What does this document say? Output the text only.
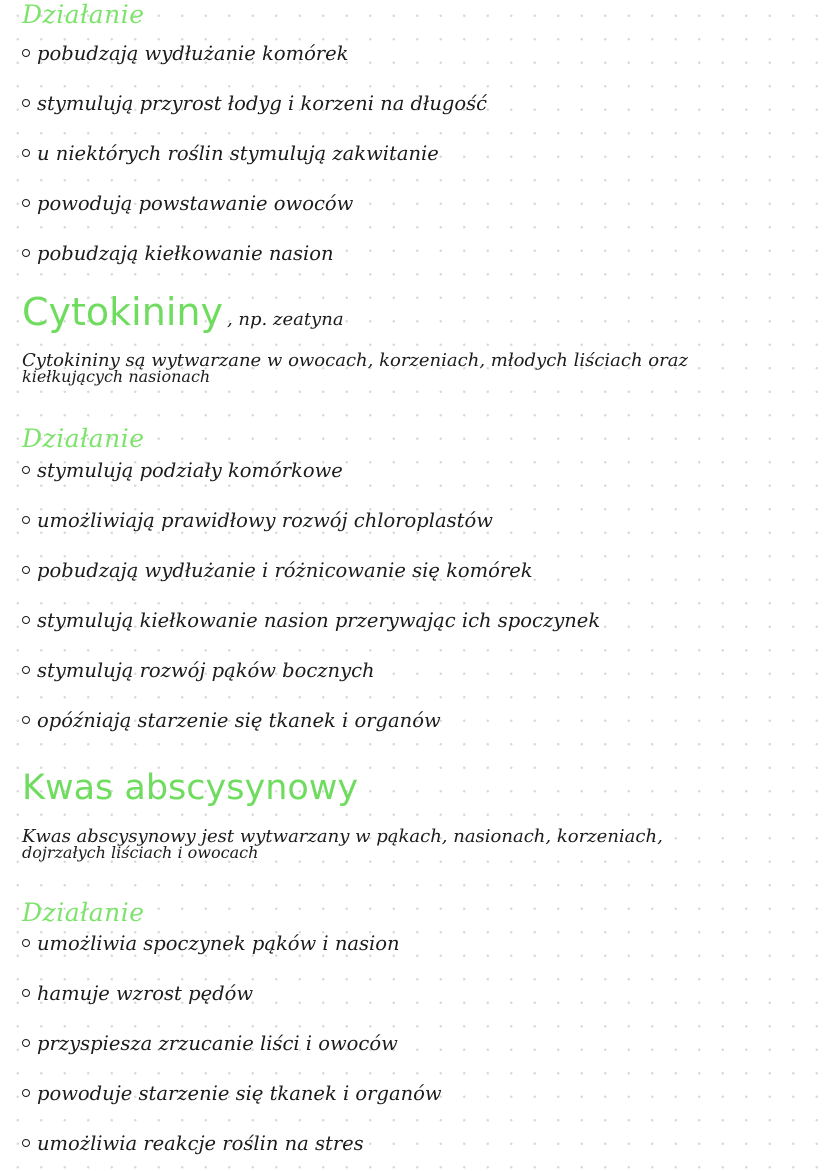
Działanie
pobudzają wydłużanie komórek
stymulują przyrost łodyg i korzeni na długość
u niektórych roślin stymulują zakwitanie
powodują powstawanie owoców
pobudzają kiełkowanie nasion
Cytokininy , np. zeatyna

Cytokininy są wytwarzane w owocach, korzeniach, młodych liściach oraz
kiełkujących nasionach

Działanie
stymulują podziały komórkowe
umożliwiają prawidłowy rozwój chloroplastów
pobudzają wydłużanie i różnicowanie się komórek
stymulują kiełkowanie nasion przerywając ich spoczynek
stymulują rozwój pąków bocznych
opóźniają starzenie się tkanek i organów
Kwas abscysynowy

Kwas abscysynowy jest wytwarzany w pąkach, nasionach, korzeniach,
dojrzałych liściach i owocach

Działanie
umożliwia spoczynek pąków i nasion
hamuje wzrost pędów
przyspiesza zrzucanie liści i owoców
powoduje starzenie się tkanek i organów
umożliwia reakcje roślin na stres
